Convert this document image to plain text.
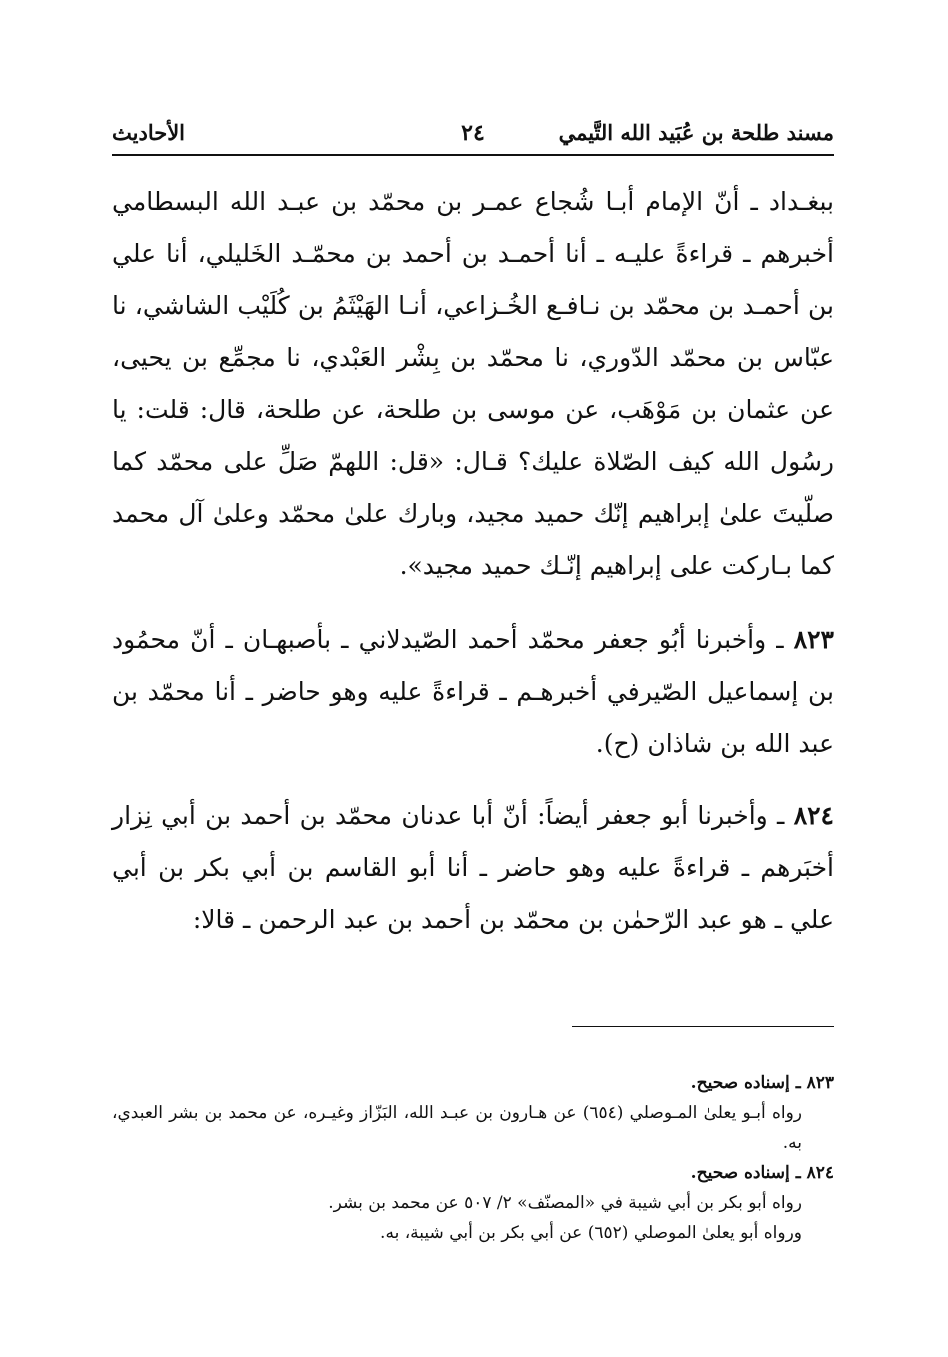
مسند طلحة بن عُبَيد الله التَّيمي
٢٤
الأحاديث

ببغـداد ـ أنّ الإمام أبـا شُجاع عمـر بن محمّد بن عبـد الله البسطامي أخبرهم ـ قراءةً عليـه ـ أنا أحمـد بن أحمد بن محمّـد الخَليلي، أنا علي بن أحمـد بن محمّد بن نـافـع الخُـزاعي، أنـا الهَيْثَمُ بن كُلَيْب الشاشي، نا عبّاس بن محمّد الدّوري، نا محمّد بن بِشْر العَبْدي، نا مجمِّع بن يحيى، عن عثمان بن مَوْهَب، عن موسى بن طلحة، عن طلحة، قال: قلت: يا رسُول الله كيف الصّلاة عليك؟ قـال: «قل: اللهمّ صَلِّ على محمّد كما صلّيتَ علىٰ إبراهيم إنّك حميد مجيد، وبارك علىٰ محمّد وعلىٰ آل محمد كما بـاركت على إبراهيم إنّـك حميد مجيد».

٨٢٣ ـ وأخبرنا أبُو جعفر محمّد أحمد الصّيدلاني ـ بأصبهـان ـ أنّ محمُود بن إسماعيل الصّيرفي أخبرهـم ـ قراءةً عليه وهو حاضر ـ أنا محمّد بن عبد الله بن شاذان (ح).

٨٢٤ ـ وأخبرنا أبو جعفر أيضاً: أنّ أبا عدنان محمّد بن أحمد بن أبي نِزار أخبَرهم ـ قراءةً عليه وهو حاضر ـ أنا أبو القاسم بن أبي بكر بن أبي علي ـ هو عبد الرّحمٰن بن محمّد بن أحمد بن عبد الرحمن ـ قالا:

٨٢٣ ـ إسناده صحيح.

رواه أبـو يعلىٰ المـوصلي (٦٥٤) عن هـارون بن عبـد الله، البَزّاز وغيـره، عن محمد بن بشر العبدي، به.

٨٢٤ ـ إسناده صحيح.

رواه أبو بكر بن أبي شيبة في «المصنّف» ٢/ ٥٠٧ عن محمد بن بشر.

ورواه أبو يعلىٰ الموصلي (٦٥٢) عن أبي بكر بن أبي شيبة، به.
